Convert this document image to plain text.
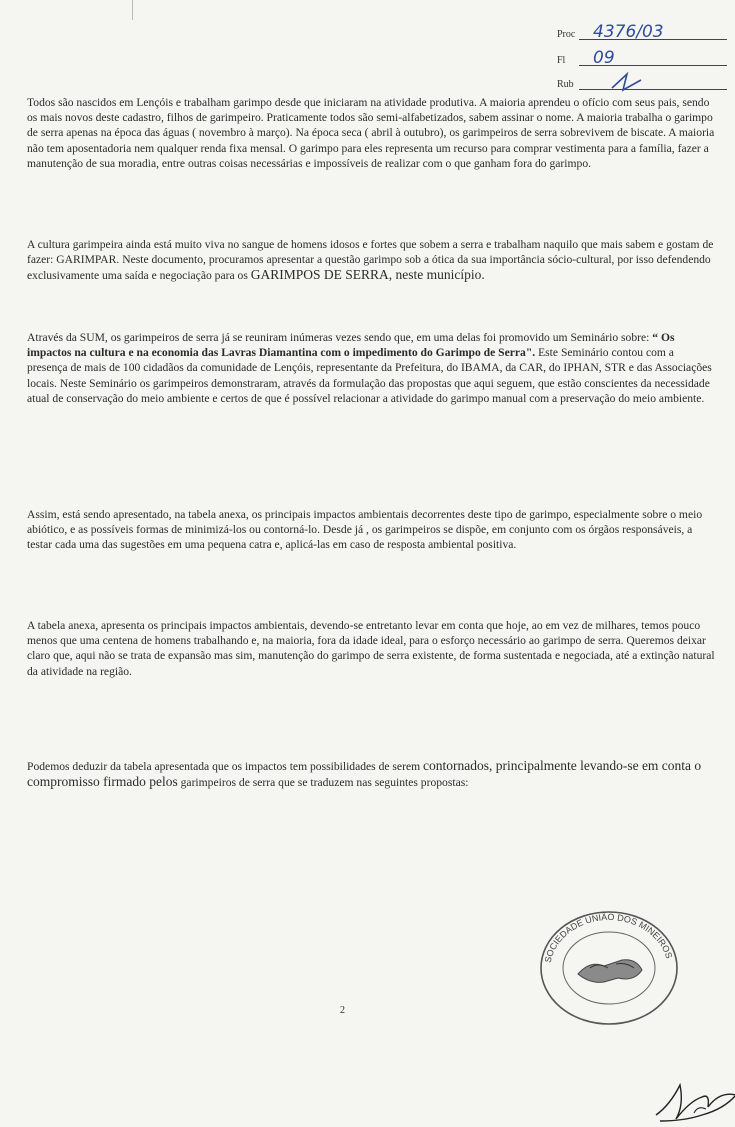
Proc 4376/03
Fl 09
Rub

Todos são nascidos em Lençóis e trabalham garimpo desde que iniciaram na atividade produtiva. A maioria aprendeu o ofício com seus pais, sendo os mais novos deste cadastro, filhos de garimpeiro. Praticamente todos são semi-alfabetizados, sabem assinar o nome. A maioria trabalha o garimpo de serra apenas na época das águas ( novembro à março). Na época seca ( abril à outubro), os garimpeiros de serra sobrevivem de biscate. A maioria não tem aposentadoria nem qualquer renda fixa mensal. O garimpo para eles representa um recurso para comprar vestimenta para a família, fazer a manutenção de sua moradia, entre outras coisas necessárias e impossíveis de realizar com o que ganham fora do garimpo.

A cultura garimpeira ainda está muito viva no sangue de homens idosos e fortes que sobem a serra e trabalham naquilo que mais sabem e gostam de fazer: GARIMPAR. Neste documento, procuramos apresentar a questão garimpo sob a ótica da sua importância sócio-cultural, por isso defendendo exclusivamente uma saída e negociação para os GARIMPOS DE SERRA, neste município.

Através da SUM, os garimpeiros de serra já se reuniram inúmeras vezes sendo que, em uma delas foi promovido um Seminário sobre: “ Os impactos na cultura e na economia das Lavras Diamantina com o impedimento do Garimpo de Serra". Este Seminário contou com a presença de mais de 100 cidadãos da comunidade de Lençóis, representante da Prefeitura, do IBAMA, da CAR, do IPHAN, STR e das Associações locais. Neste Seminário os garimpeiros demonstraram, através da formulação das propostas que aqui seguem, que estão conscientes da necessidade atual de conservação do meio ambiente e certos de que é possível relacionar a atividade do garimpo manual com a preservação do meio ambiente.

Assim, está sendo apresentado, na tabela anexa, os principais impactos ambientais decorrentes deste tipo de garimpo, especialmente sobre o meio abiótico, e as possíveis formas de minimizá-los ou contorná-lo. Desde já , os garimpeiros se dispõe, em conjunto com os órgãos responsáveis, a testar cada uma das sugestões em uma pequena catra e, aplicá-las em caso de resposta ambiental positiva.

A tabela anexa, apresenta os principais impactos ambientais, devendo-se entretanto levar em conta que hoje, ao em vez de milhares, temos pouco menos que uma centena de homens trabalhando e, na maioria, fora da idade ideal, para o esforço necessário ao garimpo de serra. Queremos deixar claro que, aqui não se trata de expansão mas sim, manutenção do garimpo de serra existente, de forma sustentada e negociada, até a extinção natural da atividade na região.

Podemos deduzir da tabela apresentada que os impactos tem possibilidades de serem contornados, principalmente levando-se em conta o compromisso firmado pelos garimpeiros de serra que se traduzem nas seguintes propostas:

2
SOCIEDADE UNIÃO DOS MINEIROS
